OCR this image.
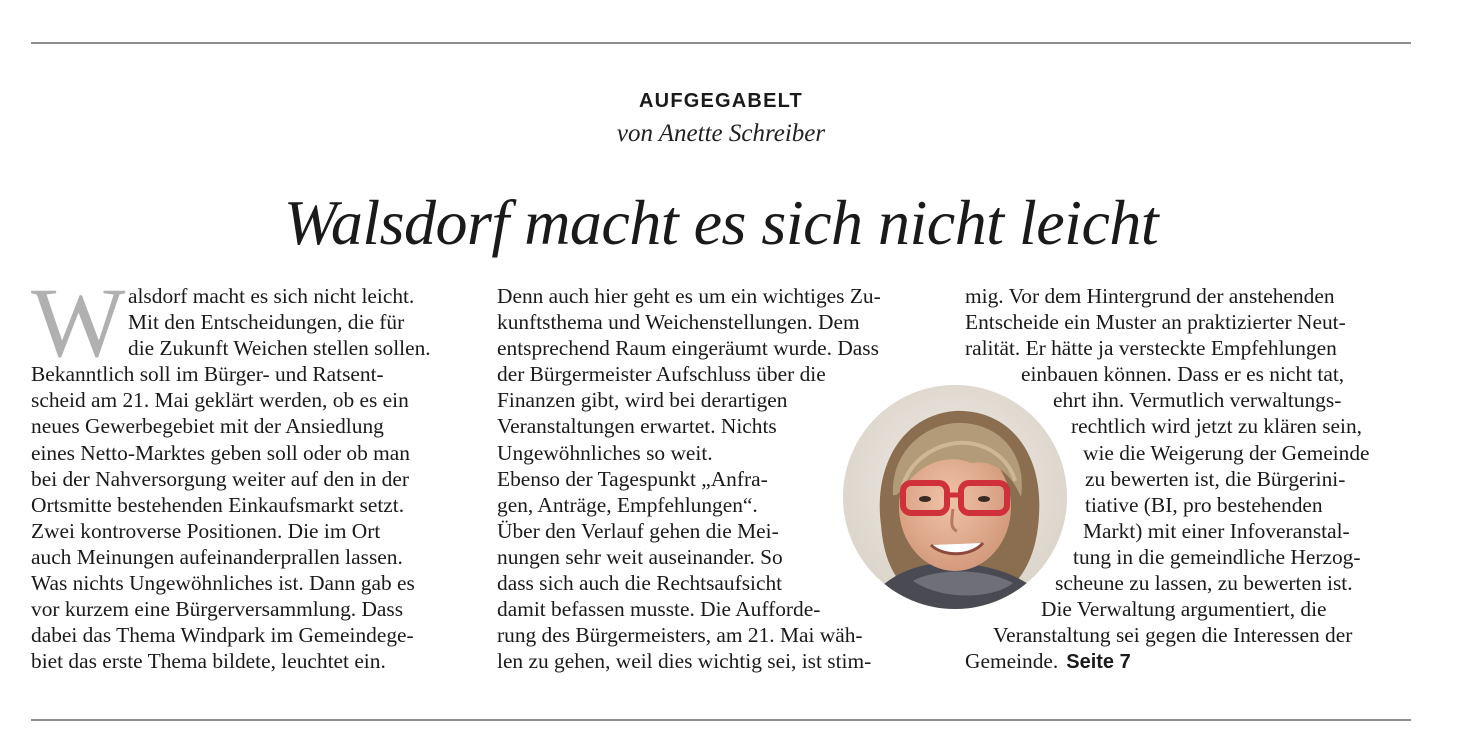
AUFGEGABELT
von Anette Schreiber
Walsdorf macht es sich nicht leicht
W alsdorf macht es sich nicht leicht.
Mit den Entscheidungen, die für
die Zukunft Weichen stellen sollen.
Bekanntlich soll im Bürger- und Ratsent-
scheid am 21. Mai geklärt werden, ob es ein
neues Gewerbegebiet mit der Ansiedlung
eines Netto-Marktes geben soll oder ob man
bei der Nahversorgung weiter auf den in der
Ortsmitte bestehenden Einkaufsmarkt setzt.
Zwei kontroverse Positionen. Die im Ort
auch Meinungen aufeinanderprallen lassen.
Was nichts Ungewöhnliches ist. Dann gab es
vor kurzem eine Bürgerversammlung. Dass
dabei das Thema Windpark im Gemeindege-
biet das erste Thema bildete, leuchtet ein.
Denn auch hier geht es um ein wichtiges Zu-
kunftsthema und Weichenstellungen. Dem
entsprechend Raum eingeräumt wurde. Dass
der Bürgermeister Aufschluss über die
Finanzen gibt, wird bei derartigen
Veranstaltungen erwartet. Nichts
Ungewöhnliches so weit.
Ebenso der Tagespunkt „Anfra-
gen, Anträge, Empfehlungen“.
Über den Verlauf gehen die Mei-
nungen sehr weit auseinander. So
dass sich auch die Rechtsaufsicht
damit befassen musste. Die Aufforde-
rung des Bürgermeisters, am 21. Mai wäh-
len zu gehen, weil dies wichtig sei, ist stim-
mig. Vor dem Hintergrund der anstehenden
Entscheide ein Muster an praktizierter Neut-
ralität. Er hätte ja versteckte Empfehlungen
einbauen können. Dass er es nicht tat,
ehrt ihn. Vermutlich verwaltungs-
rechtlich wird jetzt zu klären sein,
wie die Weigerung der Gemeinde
zu bewerten ist, die Bürgerini-
tiative (BI, pro bestehenden
Markt) mit einer Infoveranstal-
tung in die gemeindliche Herzog-
scheune zu lassen, zu bewerten ist.
Die Verwaltung argumentiert, die
Veranstaltung sei gegen die Interessen der
Gemeinde. Seite 7
